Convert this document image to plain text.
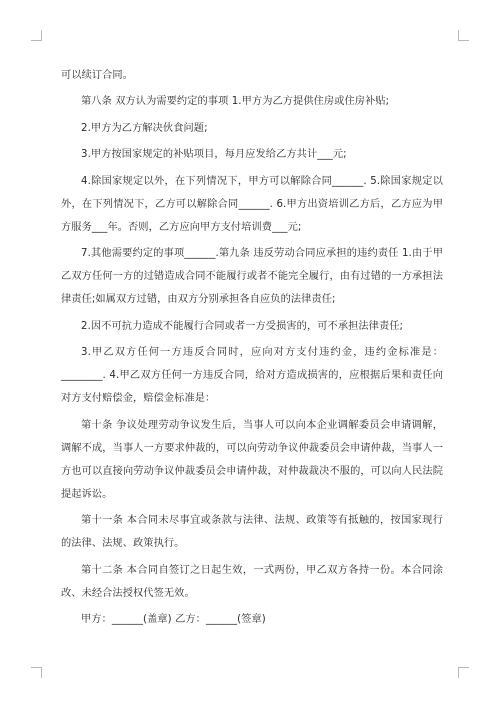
可以续订合同。

第八条 双方认为需要约定的事项 1.甲方为乙方提供住房或住房补贴;

2.甲方为乙方解决伙食问题;

3.甲方按国家规定的补贴项目，每月应发给乙方共计___元;

4.除国家规定以外，在下列情况下，甲方可以解除合同______. 5.除国家规定以外，在下列情况下，乙方可以解除合同______. 6.甲方出资培训乙方后，乙方应为甲方服务___年。否则，乙方应向甲方支付培训费___元;

7.其他需要约定的事项______.第九条 违反劳动合同应承担的违约责任 1.由于甲乙双方任何一方的过错造成合同不能履行或者不能完全履行，由有过错的一方承担法律责任;如属双方过错，由双方分别承担各自应负的法律责任;

2.因不可抗力造成不能履行合同或者一方受损害的，可不承担法律责任;

3.甲乙双方任何一方违反合同时，应向对方支付违约金，违约金标准是：________. 4.甲乙双方任何一方违反合同，给对方造成损害的，应根据后果和责任向对方支付赔偿金，赔偿金标准是：

第十条 争议处理劳动争议发生后，当事人可以向本企业调解委员会申请调解，调解不成，当事人一方要求仲裁的，可以向劳动争议仲裁委员会申请仲裁，当事人一方也可以直接向劳动争议仲裁委员会申请仲裁，对仲裁裁决不服的，可以向人民法院提起诉讼。

第十一条 本合同未尽事宜或条款与法律、法规、政策等有抵触的，按国家现行的法律、法规、政策执行。

第十二条 本合同自签订之日起生效，一式两份，甲乙双方各持一份。本合同涂改、未经合法授权代签无效。

甲方：______(盖章) 乙方：______(签章)
